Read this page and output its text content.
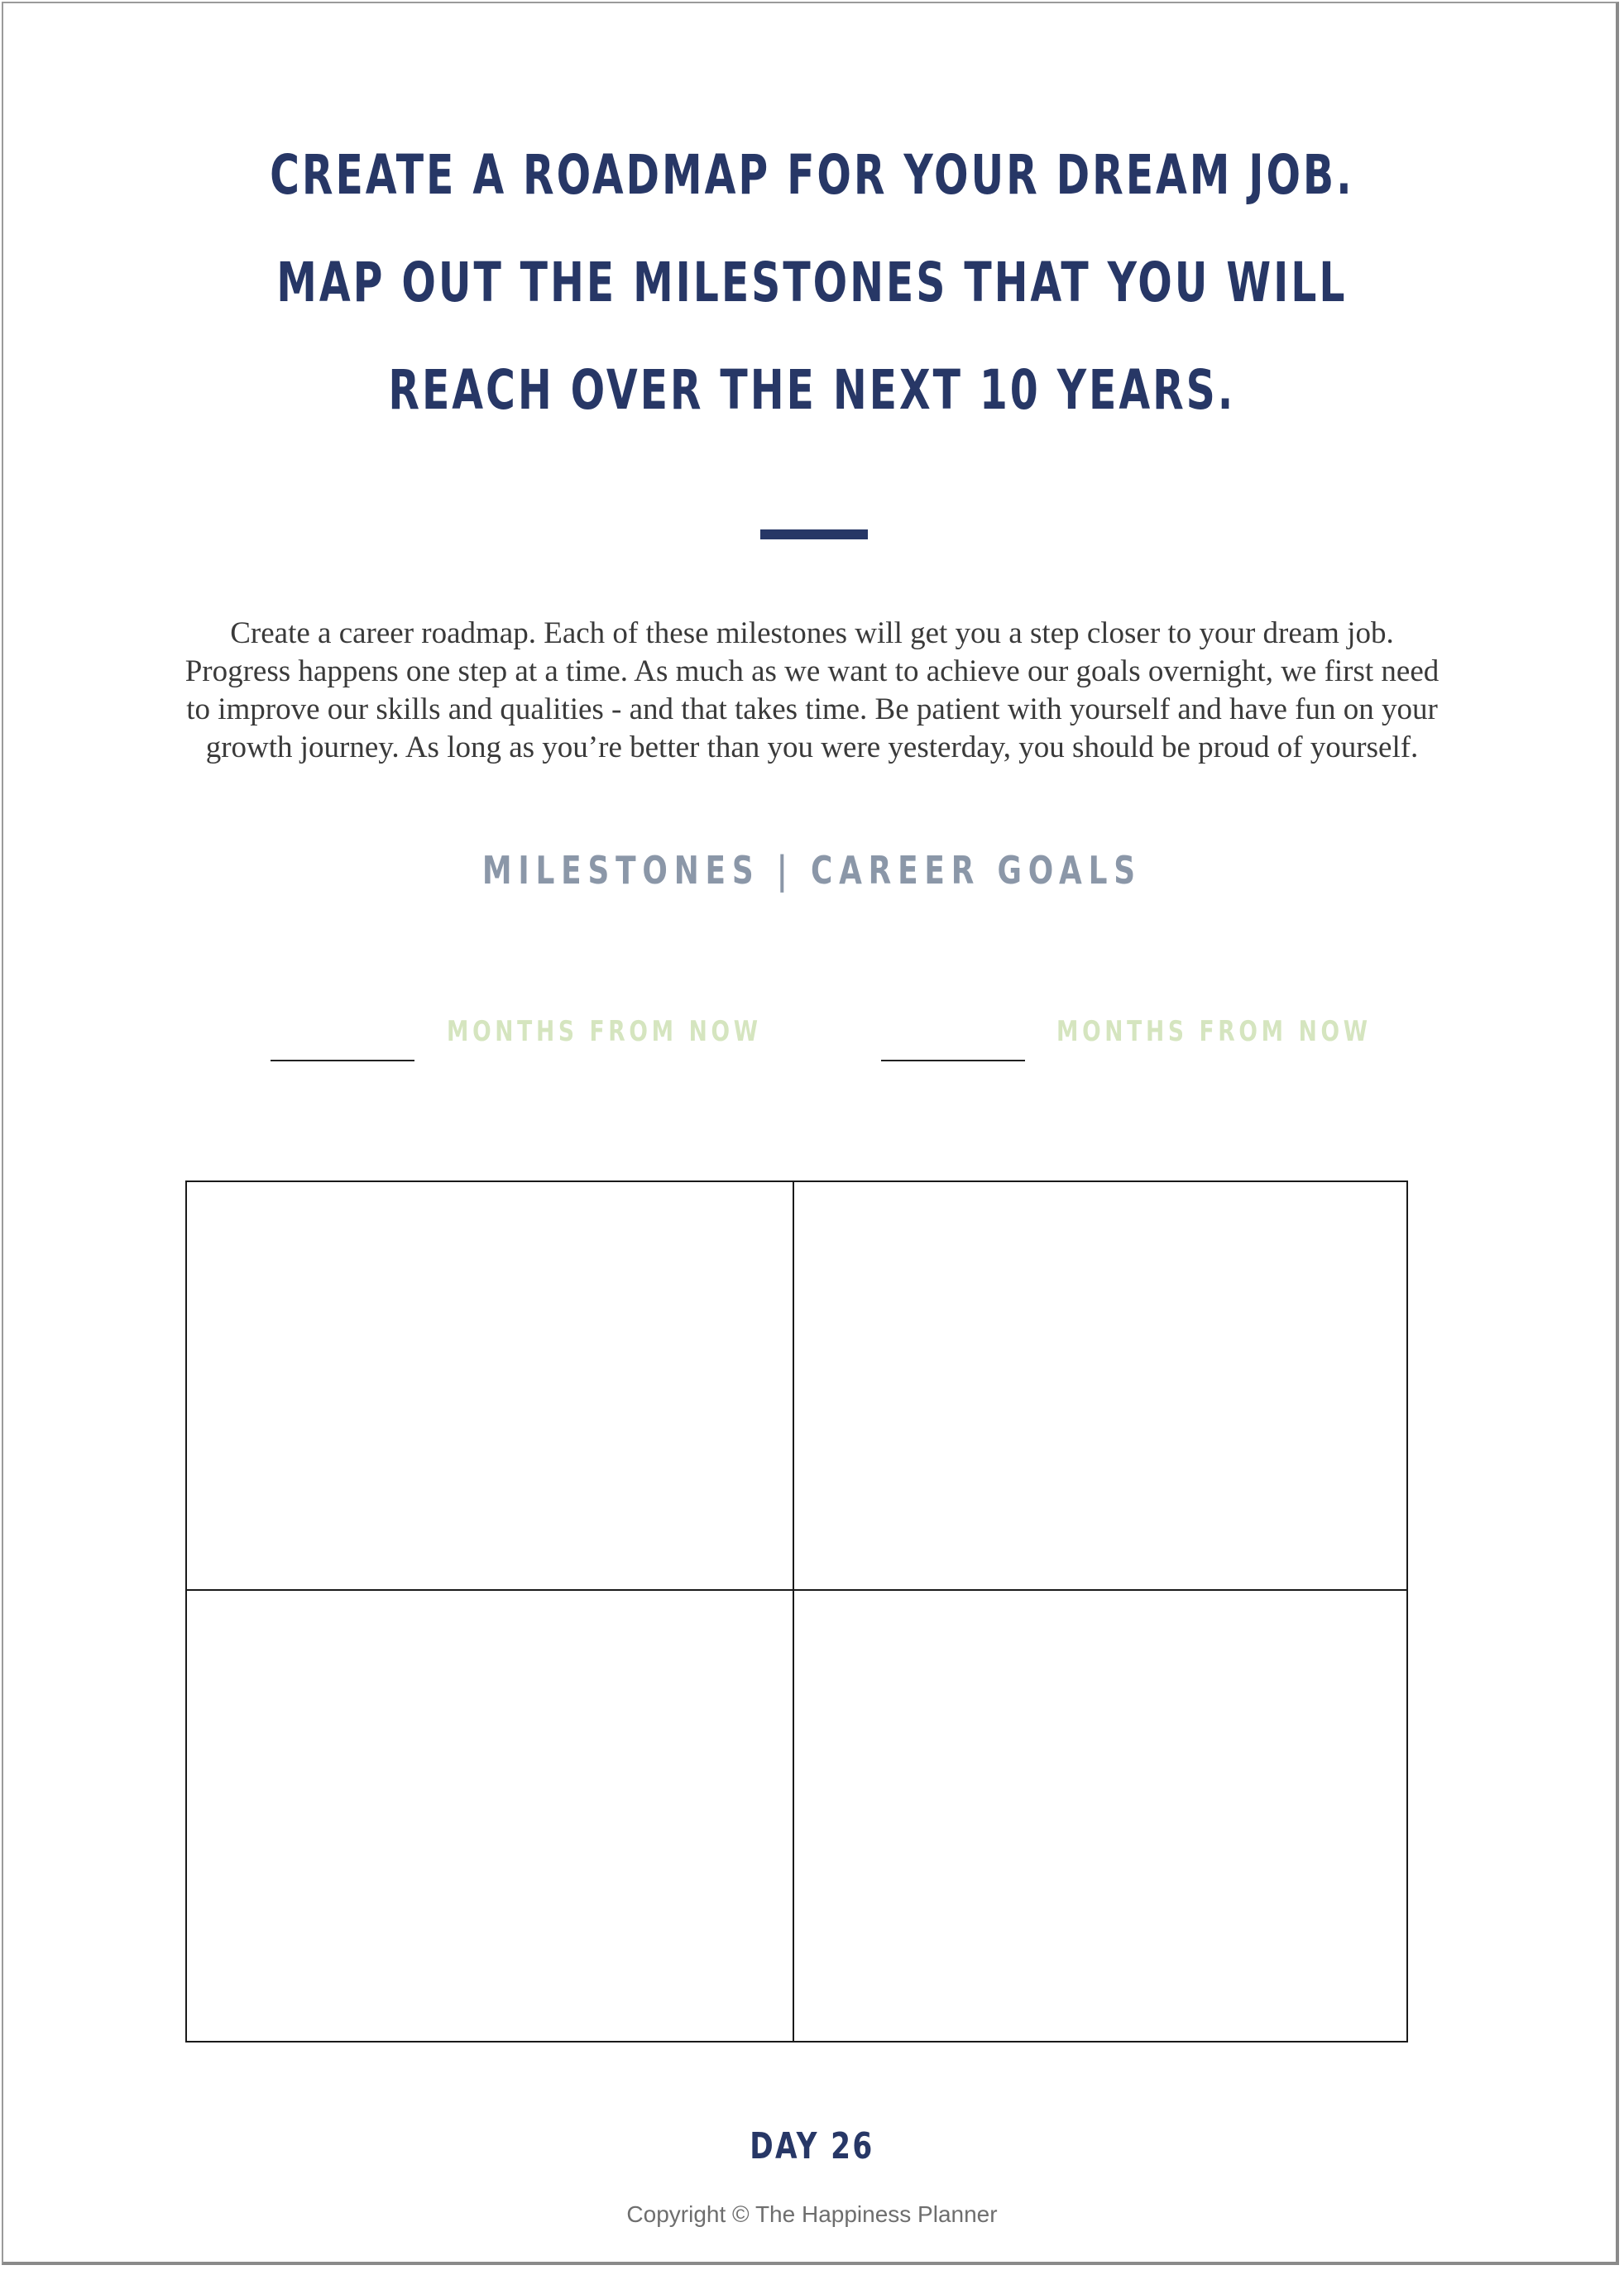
CREATE A ROADMAP FOR YOUR DREAM JOB.
MAP OUT THE MILESTONES THAT YOU WILL
REACH OVER THE NEXT 10 YEARS.
Create a career roadmap. Each of these milestones will get you a step closer to your dream job.
Progress happens one step at a time. As much as we want to achieve our goals overnight, we first need
to improve our skills and qualities - and that takes time. Be patient with yourself and have fun on your
growth journey. As long as you’re better than you were yesterday, you should be proud of yourself.
MILESTONES | CAREER GOALS
MONTHS FROM NOW	MONTHS FROM NOW
DAY 26
Copyright © The Happiness Planner
